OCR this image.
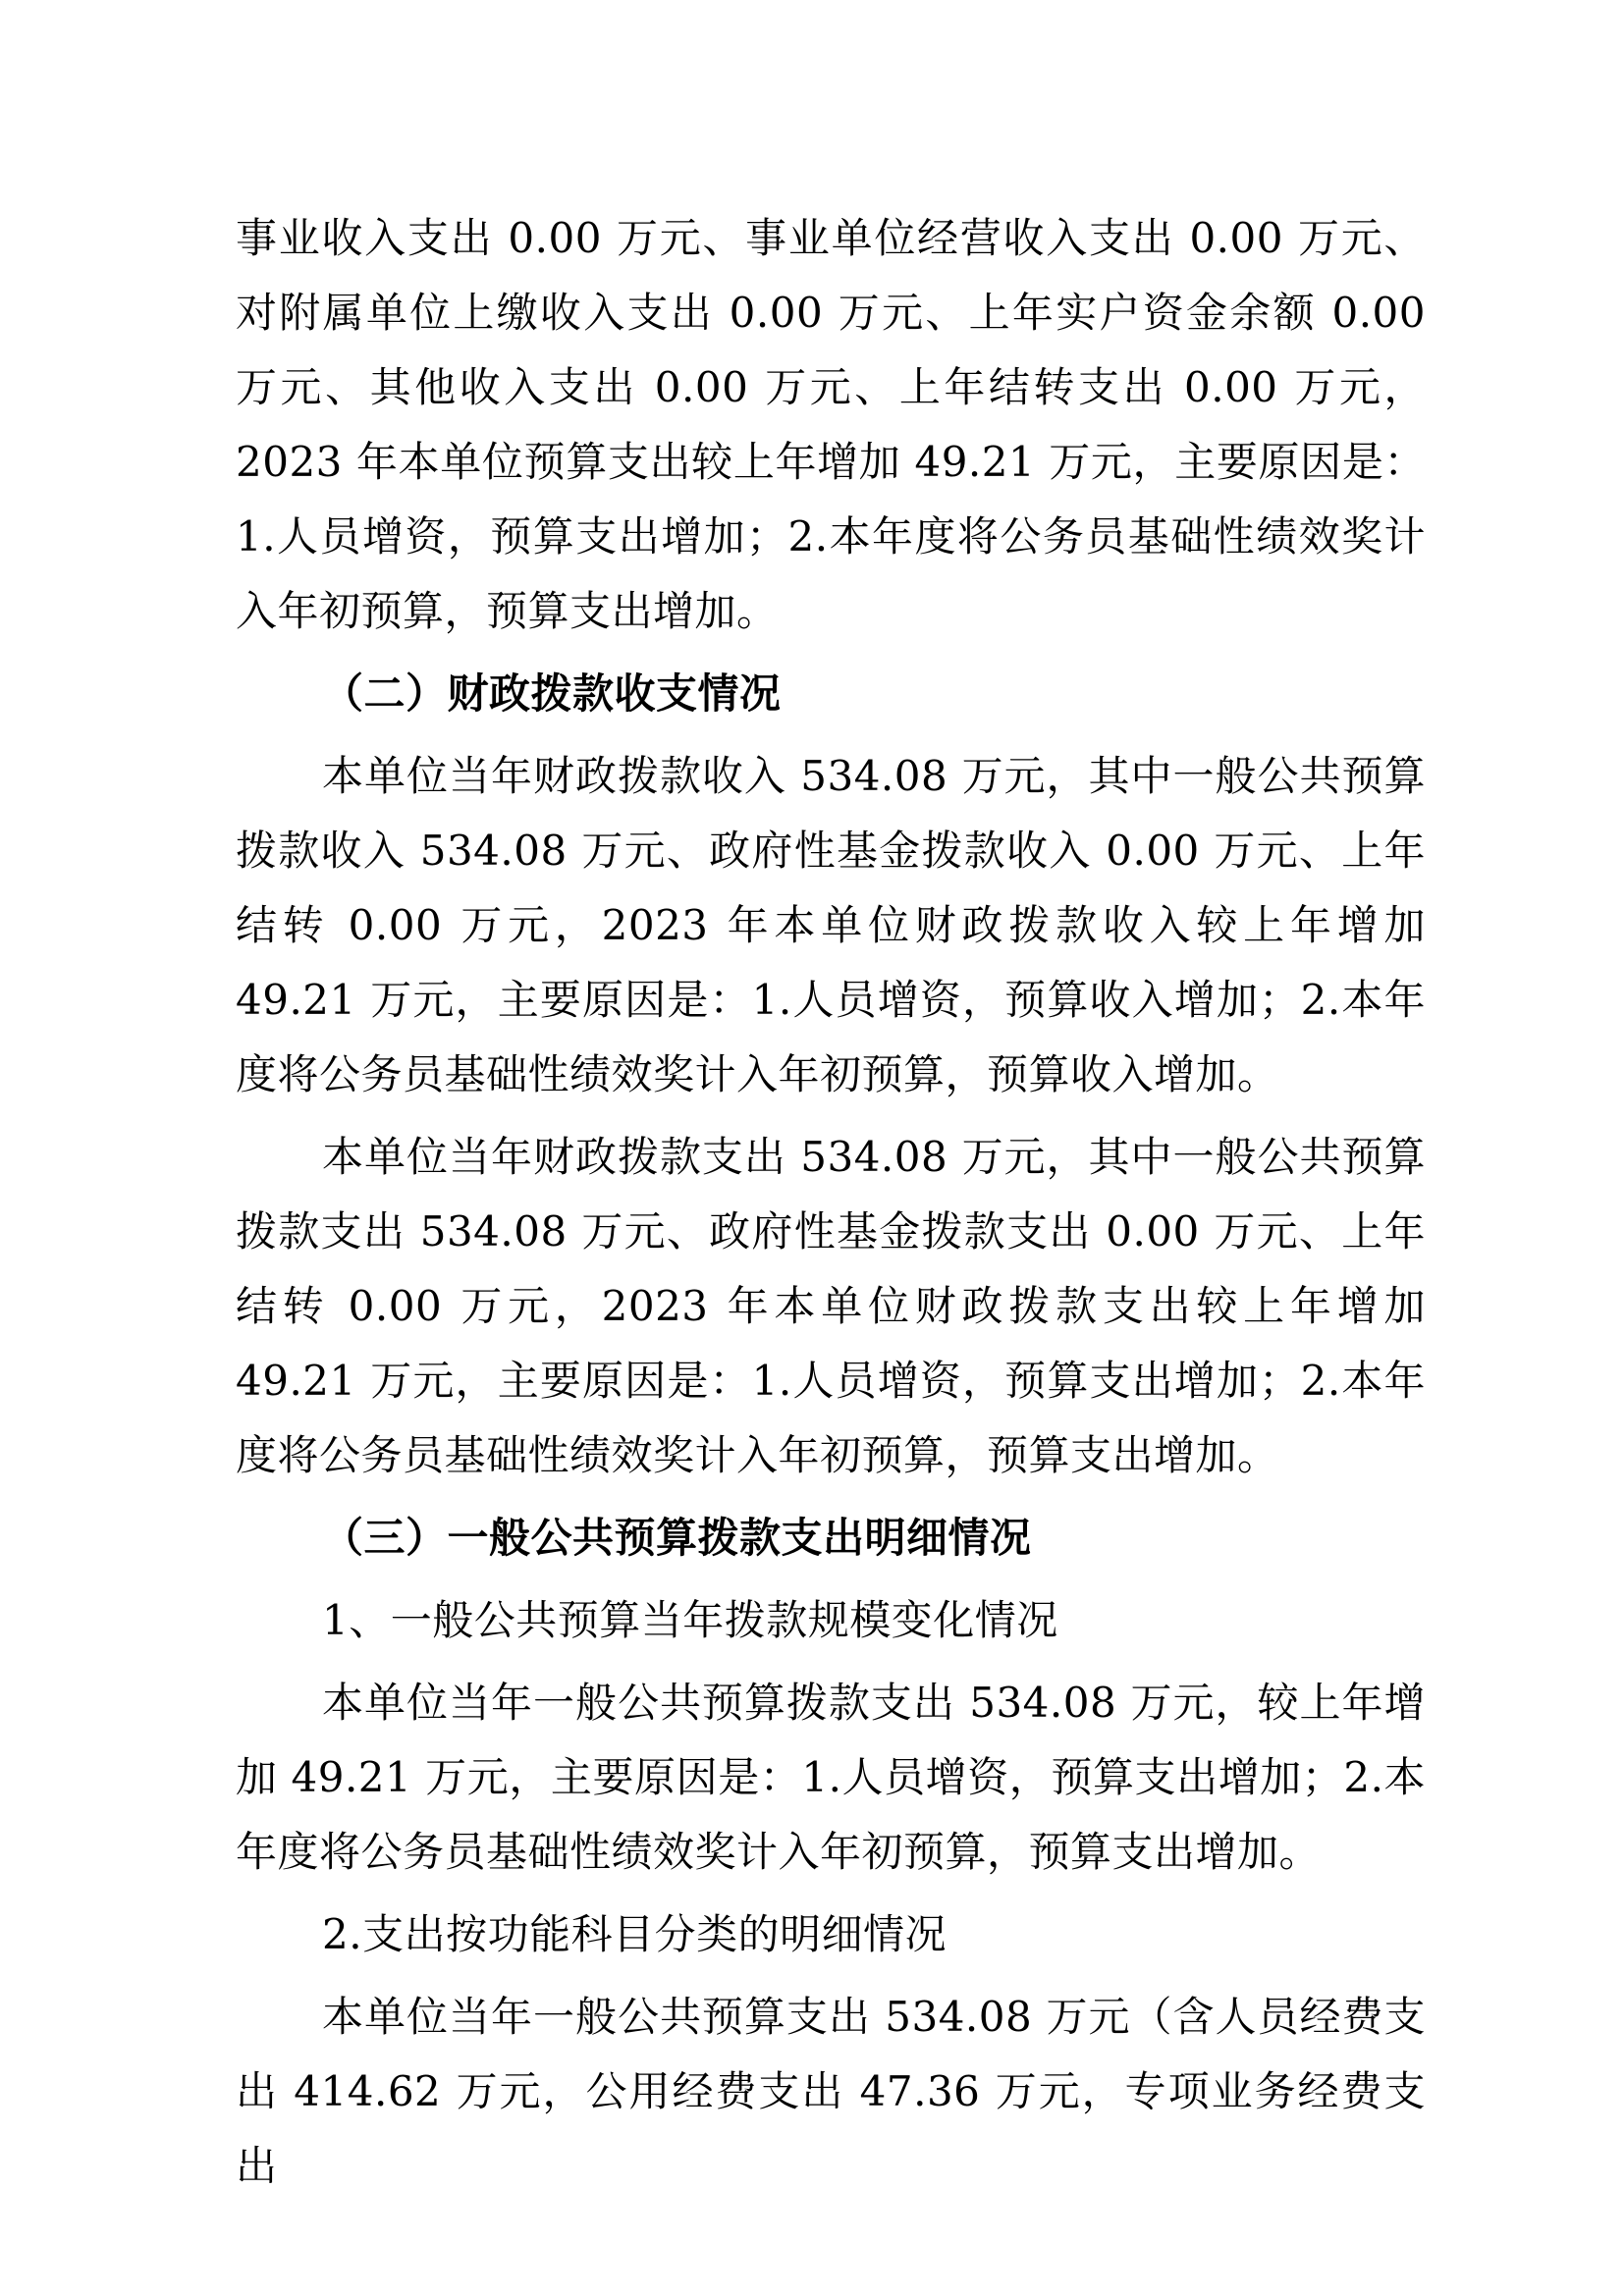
事业收入支出 0.00 万元、事业单位经营收入支出 0.00 万元、对附属单位上缴收入支出 0.00 万元、上年实户资金余额 0.00 万元、其他收入支出 0.00 万元、上年结转支出 0.00 万元，2023 年本单位预算支出较上年增加 49.21 万元，主要原因是：1.人员增资，预算支出增加；2.本年度将公务员基础性绩效奖计入年初预算，预算支出增加。

（二）财政拨款收支情况

本单位当年财政拨款收入 534.08 万元，其中一般公共预算拨款收入 534.08 万元、政府性基金拨款收入 0.00 万元、上年结转 0.00 万元，2023 年本单位财政拨款收入较上年增加 49.21 万元，主要原因是：1.人员增资，预算收入增加；2.本年度将公务员基础性绩效奖计入年初预算，预算收入增加。

本单位当年财政拨款支出 534.08 万元，其中一般公共预算拨款支出 534.08 万元、政府性基金拨款支出 0.00 万元、上年结转 0.00 万元，2023 年本单位财政拨款支出较上年增加 49.21 万元，主要原因是：1.人员增资，预算支出增加；2.本年度将公务员基础性绩效奖计入年初预算，预算支出增加。

（三）一般公共预算拨款支出明细情况

1、一般公共预算当年拨款规模变化情况

本单位当年一般公共预算拨款支出 534.08 万元，较上年增加 49.21 万元，主要原因是：1.人员增资，预算支出增加；2.本年度将公务员基础性绩效奖计入年初预算，预算支出增加。

2.支出按功能科目分类的明细情况

本单位当年一般公共预算支出 534.08 万元（含人员经费支出 414.62 万元，公用经费支出 47.36 万元，专项业务经费支出
